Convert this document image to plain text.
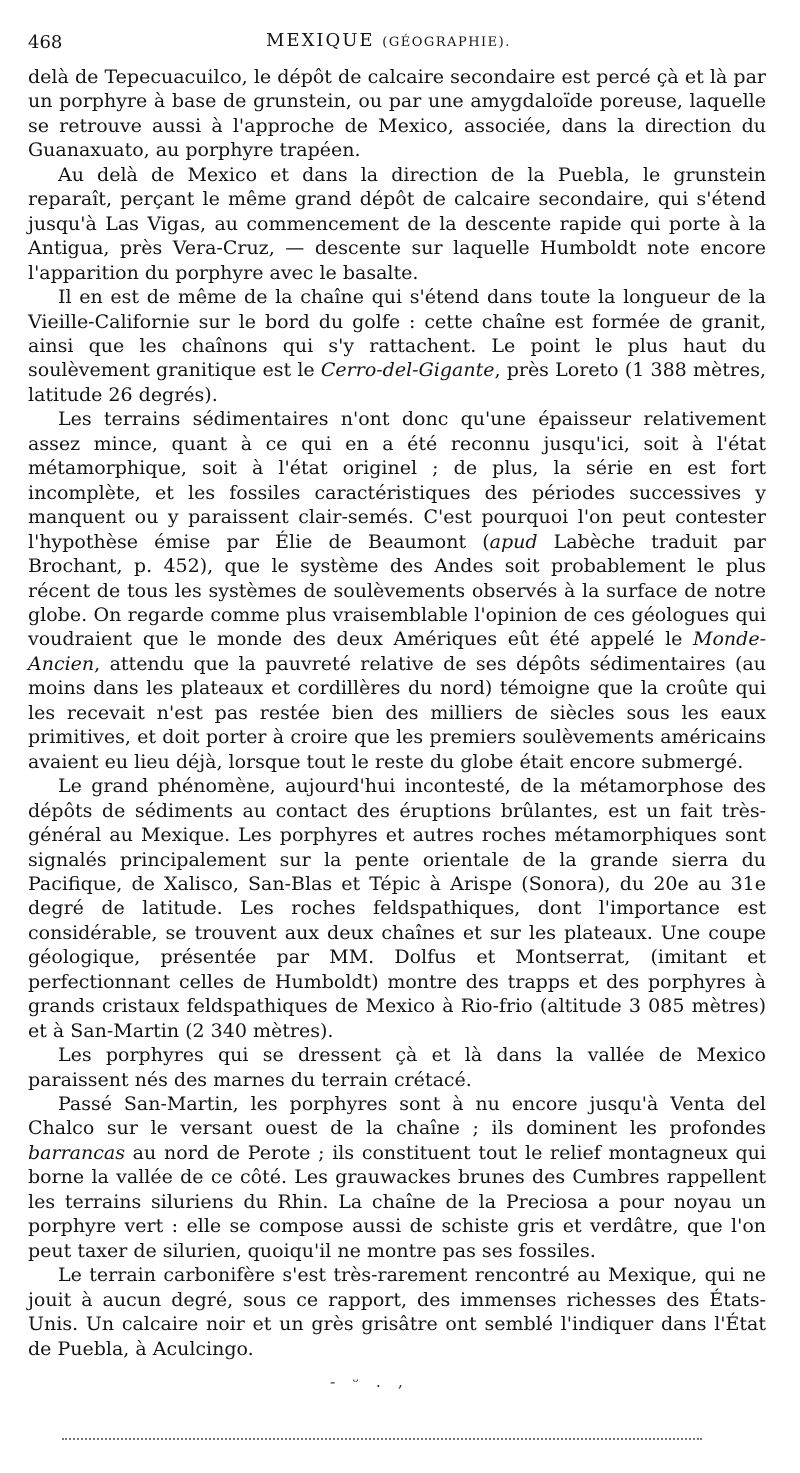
468	MEXIQUE (GÉOGRAPHIE).

delà de Tepecuacuilco, le dépôt de calcaire secondaire est percé çà et là par un porphyre à base de grunstein, ou par une amygdaloïde poreuse, laquelle se retrouve aussi à l'approche de Mexico, associée, dans la direction du Guanaxuato, au porphyre trapéen.

Au delà de Mexico et dans la direction de la Puebla, le grunstein reparaît, perçant le même grand dépôt de calcaire secondaire, qui s'étend jusqu'à Las Vigas, au commencement de la descente rapide qui porte à la Antigua, près Vera-Cruz, — descente sur laquelle Humboldt note encore l'apparition du porphyre avec le basalte.

Il en est de même de la chaîne qui s'étend dans toute la longueur de la Vieille-Californie sur le bord du golfe : cette chaîne est formée de granit, ainsi que les chaînons qui s'y rattachent. Le point le plus haut du soulèvement granitique est le Cerro-del-Gigante, près Loreto (1 388 mètres, latitude 26 degrés).

Les terrains sédimentaires n'ont donc qu'une épaisseur relativement assez mince, quant à ce qui en a été reconnu jusqu'ici, soit à l'état métamorphique, soit à l'état originel ; de plus, la série en est fort incomplète, et les fossiles caractéristiques des périodes successives y manquent ou y paraissent clair-semés. C'est pourquoi l'on peut contester l'hypothèse émise par Élie de Beaumont (apud Labèche traduit par Brochant, p. 452), que le système des Andes soit probablement le plus récent de tous les systèmes de soulèvements observés à la surface de notre globe. On regarde comme plus vraisemblable l'opinion de ces géologues qui voudraient que le monde des deux Amériques eût été appelé le Monde-Ancien, attendu que la pauvreté relative de ses dépôts sédimentaires (au moins dans les plateaux et cordillères du nord) témoigne que la croûte qui les recevait n'est pas restée bien des milliers de siècles sous les eaux primitives, et doit porter à croire que les premiers soulèvements américains avaient eu lieu déjà, lorsque tout le reste du globe était encore submergé.

Le grand phénomène, aujourd'hui incontesté, de la métamorphose des dépôts de sédiments au contact des éruptions brûlantes, est un fait très-général au Mexique. Les porphyres et autres roches métamorphiques sont signalés principalement sur la pente orientale de la grande sierra du Pacifique, de Xalisco, San-Blas et Tépic à Arispe (Sonora), du 20e au 31e degré de latitude. Les roches feldspathiques, dont l'importance est considérable, se trouvent aux deux chaînes et sur les plateaux. Une coupe géologique, présentée par MM. Dolfus et Montserrat, (imitant et perfectionnant celles de Humboldt) montre des trapps et des porphyres à grands cristaux feldspathiques de Mexico à Rio-frio (altitude 3 085 mètres) et à San-Martin (2 340 mètres).

Les porphyres qui se dressent çà et là dans la vallée de Mexico paraissent nés des marnes du terrain crétacé.

Passé San-Martin, les porphyres sont à nu encore jusqu'à Venta del Chalco sur le versant ouest de la chaîne ; ils dominent les profondes barrancas au nord de Perote ; ils constituent tout le relief montagneux qui borne la vallée de ce côté. Les grauwackes brunes des Cumbres rappellent les terrains siluriens du Rhin. La chaîne de la Preciosa a pour noyau un porphyre vert : elle se compose aussi de schiste gris et verdâtre, que l'on peut taxer de silurien, quoiqu'il ne montre pas ses fossiles.

Le terrain carbonifère s'est très-rarement rencontré au Mexique, qui ne jouit à aucun degré, sous ce rapport, des immenses richesses des États-Unis. Un calcaire noir et un grès grisâtre ont semblé l'indiquer dans l'État de Puebla, à Aculcingo.

- ᵕ . ,
